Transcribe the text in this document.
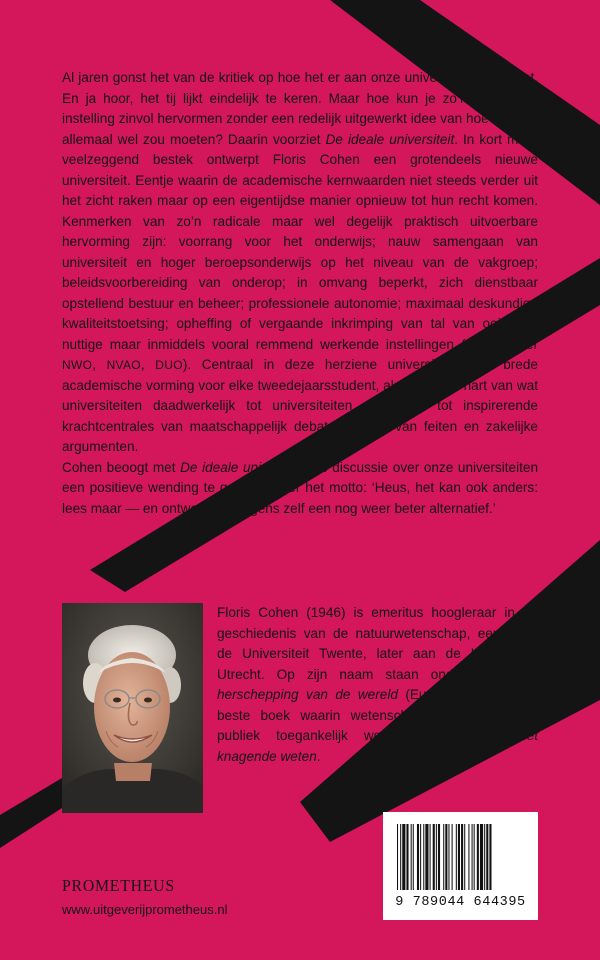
Al jaren gonst het van de kritiek op hoe het er aan onze universiteiten toegaat. En ja hoor, het tij lijkt eindelijk te keren. Maar hoe kun je zo’n veelzijdige instelling zinvol hervormen zonder een redelijk uitgewerkt idee van hoe het dan allemaal wel zou moeten? Daarin voorziet De ideale universiteit. In kort maar veelzeggend bestek ontwerpt Floris Cohen een grotendeels nieuwe universiteit. Eentje waarin de academische kernwaarden niet steeds verder uit het zicht raken maar op een eigentijdse manier opnieuw tot hun recht komen. Kenmerken van zo’n radicale maar wel degelijk praktisch uitvoerbare hervorming zijn: voorrang voor het onderwijs; nauw samengaan van universiteit en hoger beroepsonderwijs op het niveau van de vakgroep; beleidsvoorbereiding van onderop; in omvang beperkt, zich dienstbaar opstellend bestuur en beheer; professionele autonomie; maximaal deskundige kwaliteitstoetsing; opheffing of vergaande inkrimping van tal van ooit heel nuttige maar inmiddels vooral remmend werkende instellingen (onder meer NWO, NVAO, DUO). Centraal in deze herziene universiteit staat brede academische vorming voor elke tweedejaarsstudent, als kloppend hart van wat universiteiten daadwerkelijk tot universiteiten maakt en tot inspirerende krachtcentrales van maatschappelijk debat op basis van feiten en zakelijke argumenten.

Cohen beoogt met De ideale universiteit de discussie over onze universiteiten een positieve wending te geven, onder het motto: ‘Heus, het kan ook anders: lees maar — en ontwerp vervolgens zelf een nog weer beter alternatief.’

Floris Cohen (1946) is emeritus hoogleraar in de geschiedenis van de natuurwetenschap, eerst aan de Universiteit Twente, later aan de Universiteit Utrecht. Op zijn naam staan onder meer De herschepping van de wereld (Eurekaprijs voor het beste boek waarin wetenschap voor een breed publiek toegankelijk wordt gemaakt) en Het knagende weten.

9 789044 644395
PROMETHEUS
www.uitgeverijprometheus.nl
